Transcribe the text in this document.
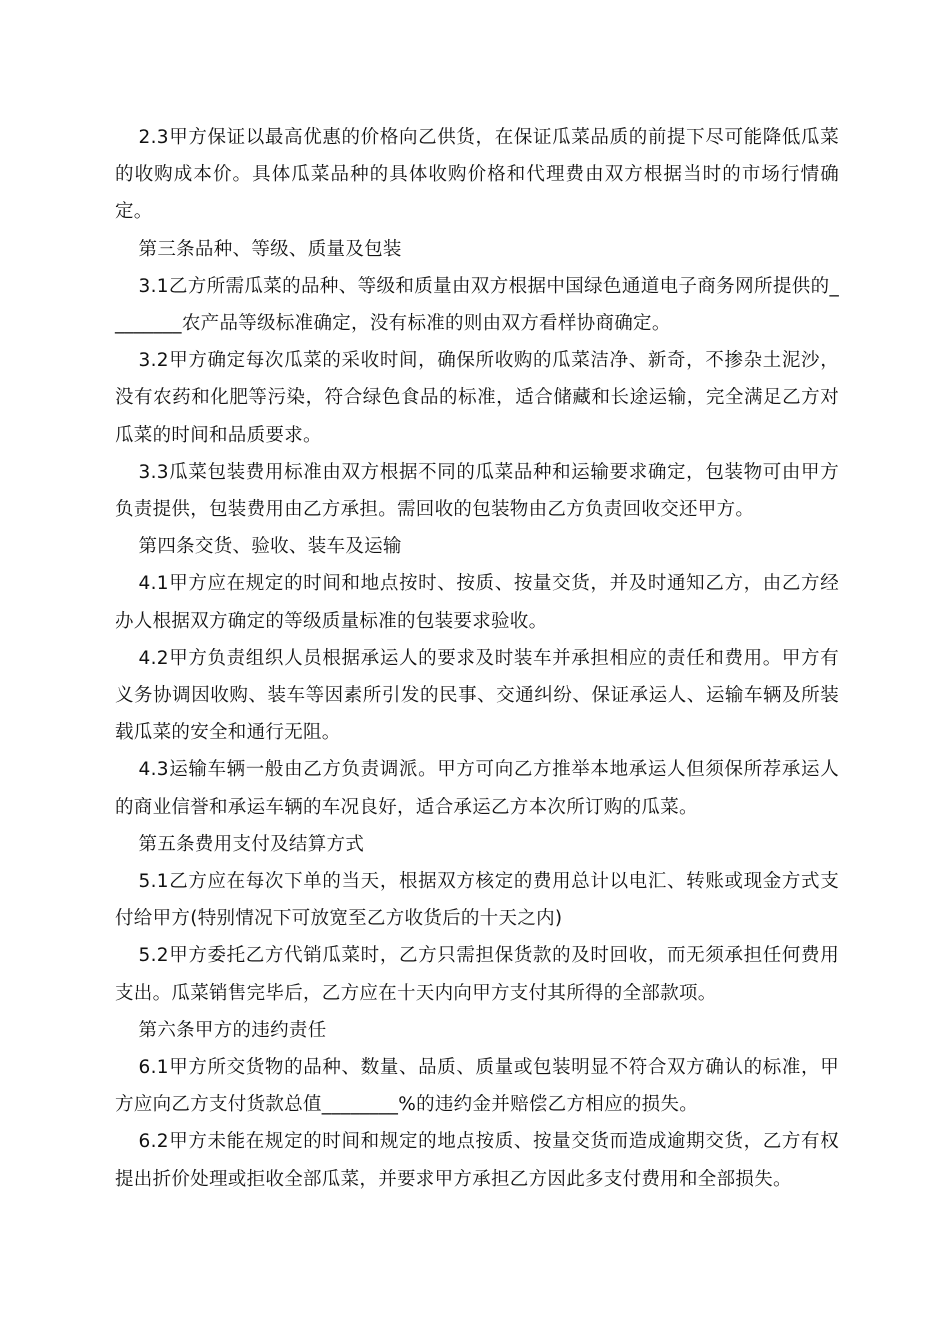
2.3甲方保证以最高优惠的价格向乙供货，在保证瓜菜品质的前提下尽可能降低瓜菜的收购成本价。具体瓜菜品种的具体收购价格和代理费由双方根据当时的市场行情确定。

第三条品种、等级、质量及包装

3.1乙方所需瓜菜的品种、等级和质量由双方根据中国绿色通道电子商务网所提供的________农产品等级标准确定，没有标准的则由双方看样协商确定。

3.2甲方确定每次瓜菜的采收时间，确保所收购的瓜菜洁净、新奇，不掺杂土泥沙，没有农药和化肥等污染，符合绿色食品的标准，适合储藏和长途运输，完全满足乙方对瓜菜的时间和品质要求。

3.3瓜菜包装费用标准由双方根据不同的瓜菜品种和运输要求确定，包装物可由甲方负责提供，包装费用由乙方承担。需回收的包装物由乙方负责回收交还甲方。

第四条交货、验收、装车及运输

4.1甲方应在规定的时间和地点按时、按质、按量交货，并及时通知乙方，由乙方经办人根据双方确定的等级质量标准的包装要求验收。

4.2甲方负责组织人员根据承运人的要求及时装车并承担相应的责任和费用。甲方有义务协调因收购、装车等因素所引发的民事、交通纠纷、保证承运人、运输车辆及所装载瓜菜的安全和通行无阻。

4.3运输车辆一般由乙方负责调派。甲方可向乙方推举本地承运人但须保所荐承运人的商业信誉和承运车辆的车况良好，适合承运乙方本次所订购的瓜菜。

第五条费用支付及结算方式

5.1乙方应在每次下单的当天，根据双方核定的费用总计以电汇、转账或现金方式支付给甲方(特别情况下可放宽至乙方收货后的十天之内)

5.2甲方委托乙方代销瓜菜时，乙方只需担保货款的及时回收，而无须承担任何费用支出。瓜菜销售完毕后，乙方应在十天内向甲方支付其所得的全部款项。

第六条甲方的违约责任

6.1甲方所交货物的品种、数量、品质、质量或包装明显不符合双方确认的标准，甲方应向乙方支付货款总值________%的违约金并赔偿乙方相应的损失。

6.2甲方未能在规定的时间和规定的地点按质、按量交货而造成逾期交货，乙方有权提出折价处理或拒收全部瓜菜，并要求甲方承担乙方因此多支付费用和全部损失。
